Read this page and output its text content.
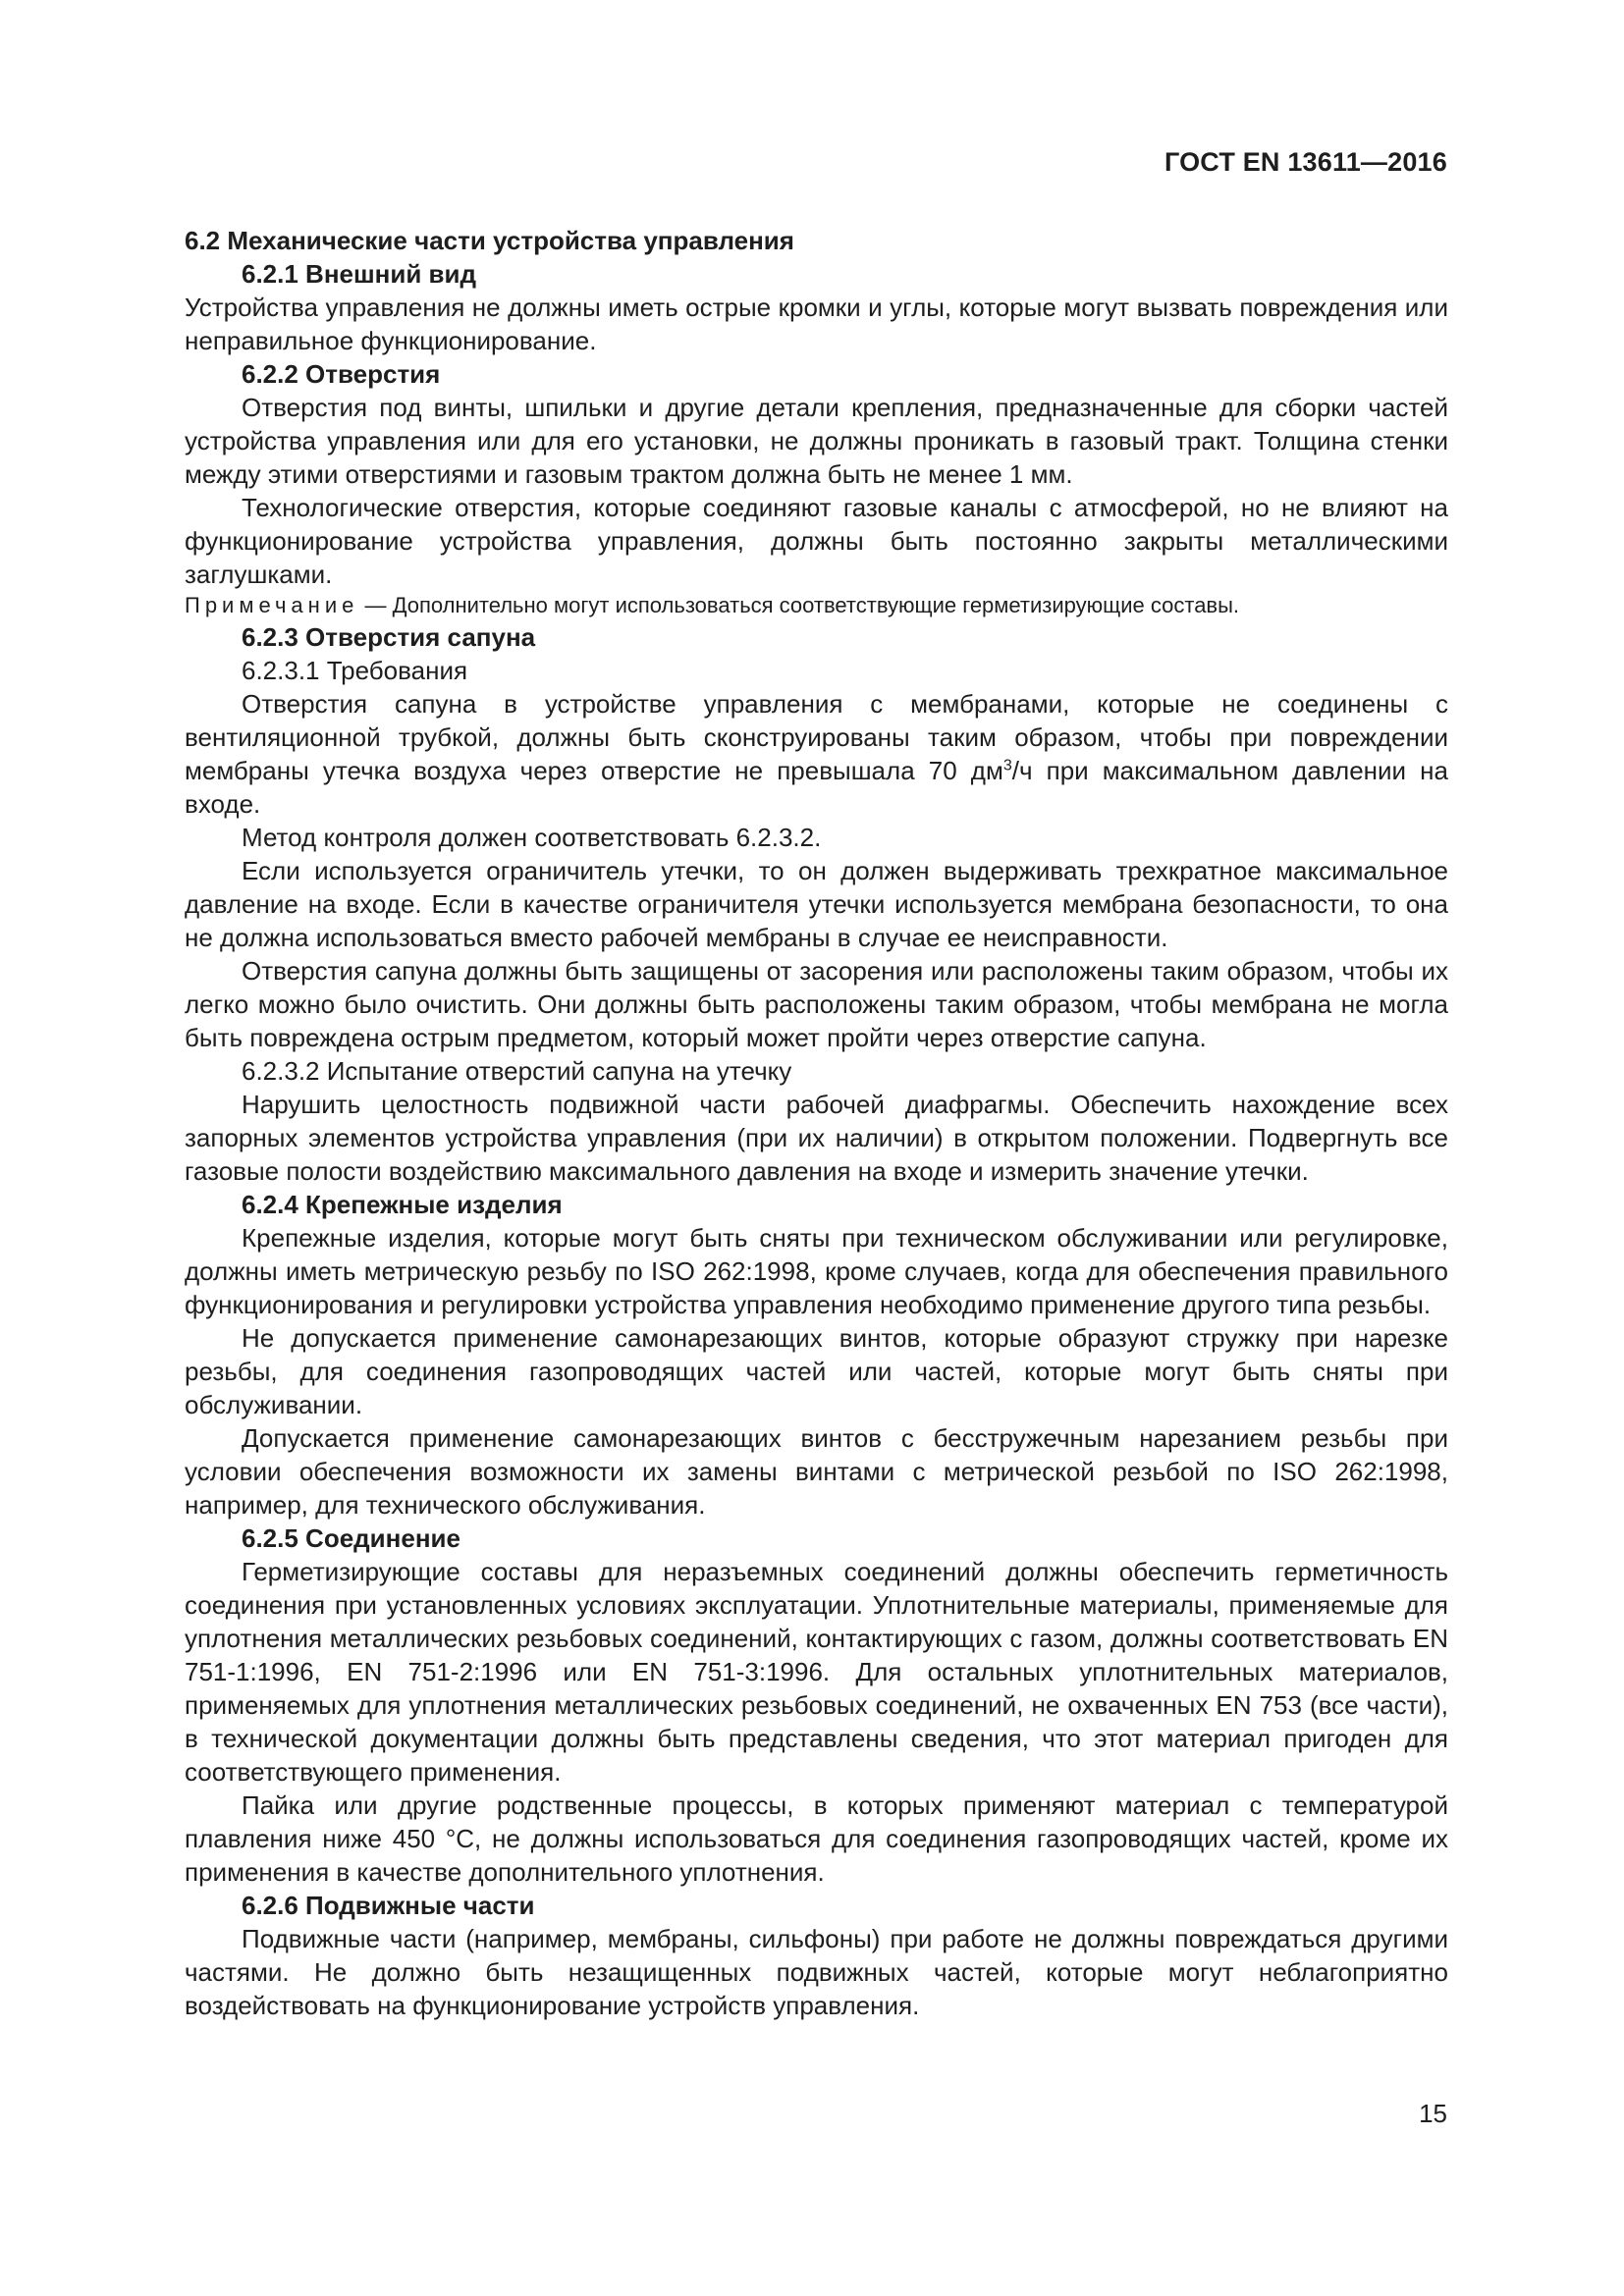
ГОСТ EN 13611—2016

6.2 Механические части устройства управления

6.2.1 Внешний вид

Устройства управления не должны иметь острые кромки и углы, которые могут вызвать повреждения или неправильное функционирование.

6.2.2 Отверстия

Отверстия под винты, шпильки и другие детали крепления, предназначенные для сборки частей устройства управления или для его установки, не должны проникать в газовый тракт. Толщина стенки между этими отверстиями и газовым трактом должна быть не менее 1 мм.

Технологические отверстия, которые соединяют газовые каналы с атмосферой, но не влияют на функционирование устройства управления, должны быть постоянно закрыты металлическими заглушками.

Примечание — Дополнительно могут использоваться соответствующие герметизирующие составы.

6.2.3 Отверстия сапуна

6.2.3.1 Требования

Отверстия сапуна в устройстве управления с мембранами, которые не соединены с вентиляционной трубкой, должны быть сконструированы таким образом, чтобы при повреждении мембраны утечка воздуха через отверстие не превышала 70 $дм^3/ч$ при максимальном давлении на входе.

Метод контроля должен соответствовать 6.2.3.2.

Если используется ограничитель утечки, то он должен выдерживать трехкратное максимальное давление на входе. Если в качестве ограничителя утечки используется мембрана безопасности, то она не должна использоваться вместо рабочей мембраны в случае ее неисправности.

Отверстия сапуна должны быть защищены от засорения или расположены таким образом, чтобы их легко можно было очистить. Они должны быть расположены таким образом, чтобы мембрана не могла быть повреждена острым предметом, который может пройти через отверстие сапуна.

6.2.3.2 Испытание отверстий сапуна на утечку

Нарушить целостность подвижной части рабочей диафрагмы. Обеспечить нахождение всех запорных элементов устройства управления (при их наличии) в открытом положении. Подвергнуть все газовые полости воздействию максимального давления на входе и измерить значение утечки.

6.2.4 Крепежные изделия

Крепежные изделия, которые могут быть сняты при техническом обслуживании или регулировке, должны иметь метрическую резьбу по ISO 262:1998, кроме случаев, когда для обеспечения правильного функционирования и регулировки устройства управления необходимо применение другого типа резьбы.

Не допускается применение самонарезающих винтов, которые образуют стружку при нарезке резьбы, для соединения газопроводящих частей или частей, которые могут быть сняты при обслуживании.

Допускается применение самонарезающих винтов с бесстружечным нарезанием резьбы при условии обеспечения возможности их замены винтами с метрической резьбой по ISO 262:1998, например, для технического обслуживания.

6.2.5 Соединение

Герметизирующие составы для неразъемных соединений должны обеспечить герметичность соединения при установленных условиях эксплуатации. Уплотнительные материалы, применяемые для уплотнения металлических резьбовых соединений, контактирующих с газом, должны соответствовать EN 751-1:1996, EN 751-2:1996 или EN 751-3:1996. Для остальных уплотнительных материалов, применяемых для уплотнения металлических резьбовых соединений, не охваченных EN 753 (все части), в технической документации должны быть представлены сведения, что этот материал пригоден для соответствующего применения.

Пайка или другие родственные процессы, в которых применяют материал с температурой плавления ниже 450 °C, не должны использоваться для соединения газопроводящих частей, кроме их применения в качестве дополнительного уплотнения.

6.2.6 Подвижные части

Подвижные части (например, мембраны, сильфоны) при работе не должны повреждаться другими частями. Не должно быть незащищенных подвижных частей, которые могут неблагоприятно воздействовать на функционирование устройств управления.

15
